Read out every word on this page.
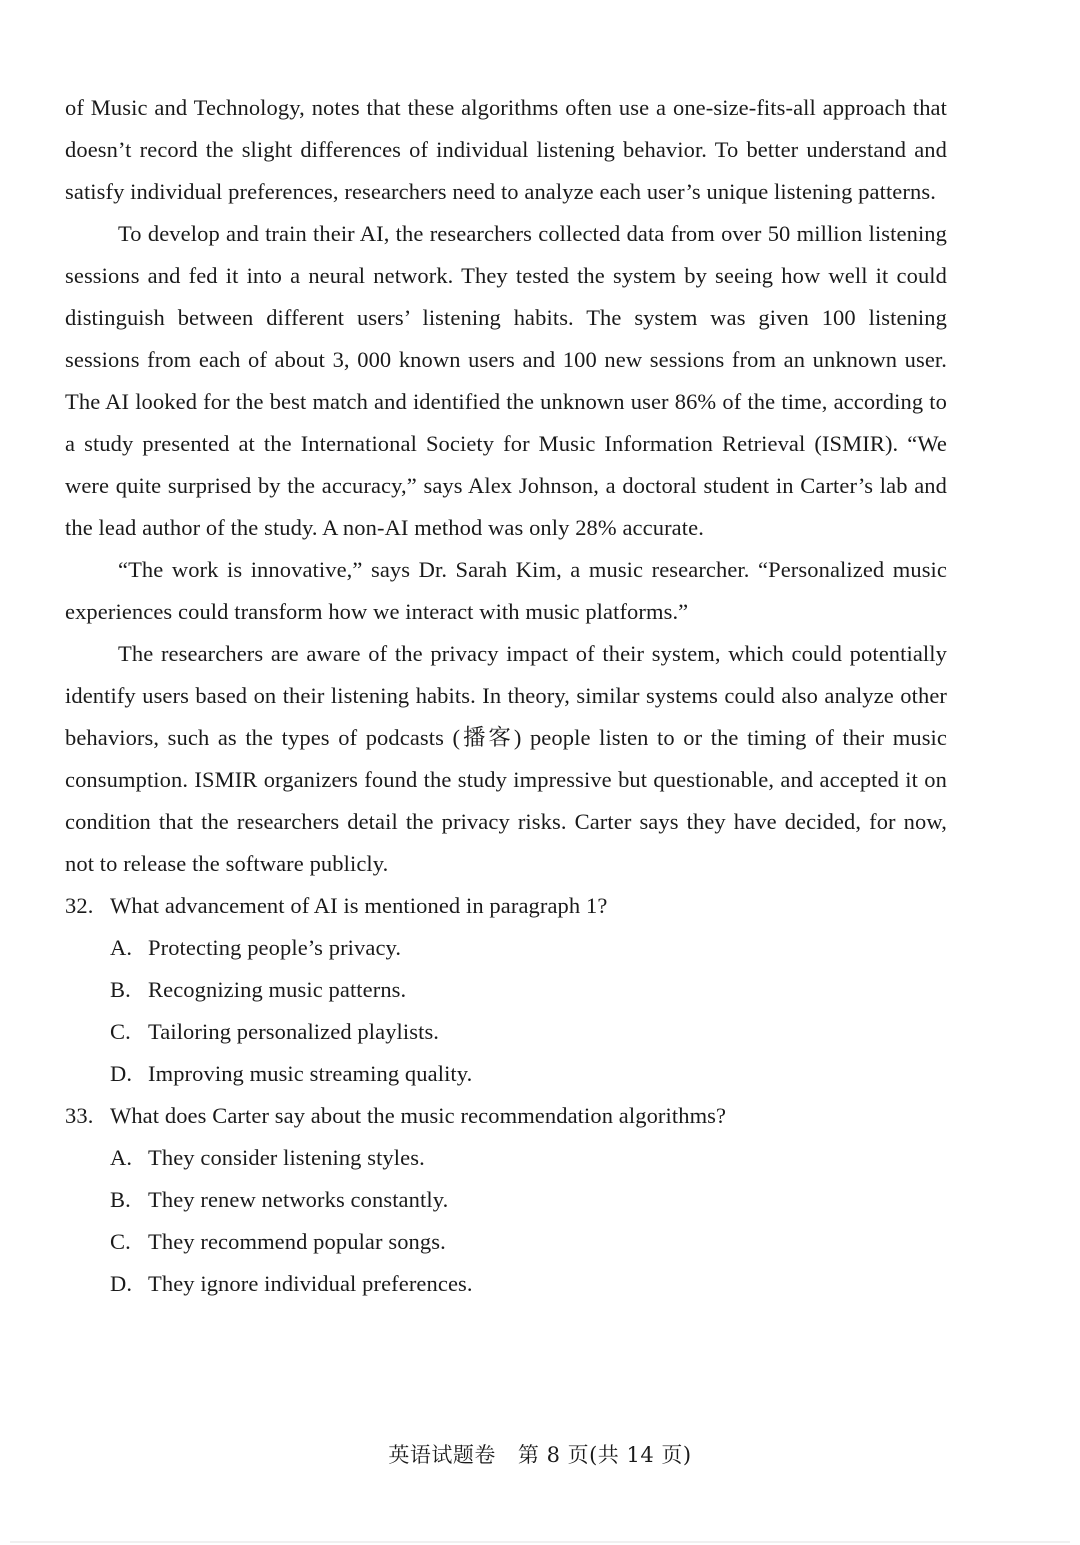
of Music and Technology, notes that these algorithms often use a one-size-fits-all approach that doesn’t record the slight differences of individual listening behavior. To better understand and satisfy individual preferences, researchers need to analyze each user’s unique listening patterns.

To develop and train their AI, the researchers collected data from over 50 million listening sessions and fed it into a neural network. They tested the system by seeing how well it could distinguish between different users’ listening habits. The system was given 100 listening sessions from each of about 3, 000 known users and 100 new sessions from an unknown user. The AI looked for the best match and identified the unknown user 86% of the time, according to a study presented at the International Society for Music Information Retrieval (ISMIR). “We were quite surprised by the accuracy,” says Alex Johnson, a doctoral student in Carter’s lab and the lead author of the study. A non-AI method was only 28% accurate.

“The work is innovative,” says Dr. Sarah Kim, a music researcher. “Personalized music experiences could transform how we interact with music platforms.”

The researchers are aware of the privacy impact of their system, which could potentially identify users based on their listening habits. In theory, similar systems could also analyze other behaviors, such as the types of podcasts (播客) people listen to or the timing of their music consumption. ISMIR organizers found the study impressive but questionable, and accepted it on condition that the researchers detail the privacy risks. Carter says they have decided, for now, not to release the software publicly.

32. What advancement of AI is mentioned in paragraph 1?

A. Protecting people’s privacy.
B. Recognizing music patterns.
C. Tailoring personalized playlists.
D. Improving music streaming quality.

33. What does Carter say about the music recommendation algorithms?

A. They consider listening styles.
B. They renew networks constantly.
C. They recommend popular songs.
D. They ignore individual preferences.
英语试题卷 第 8 页(共 14 页)
